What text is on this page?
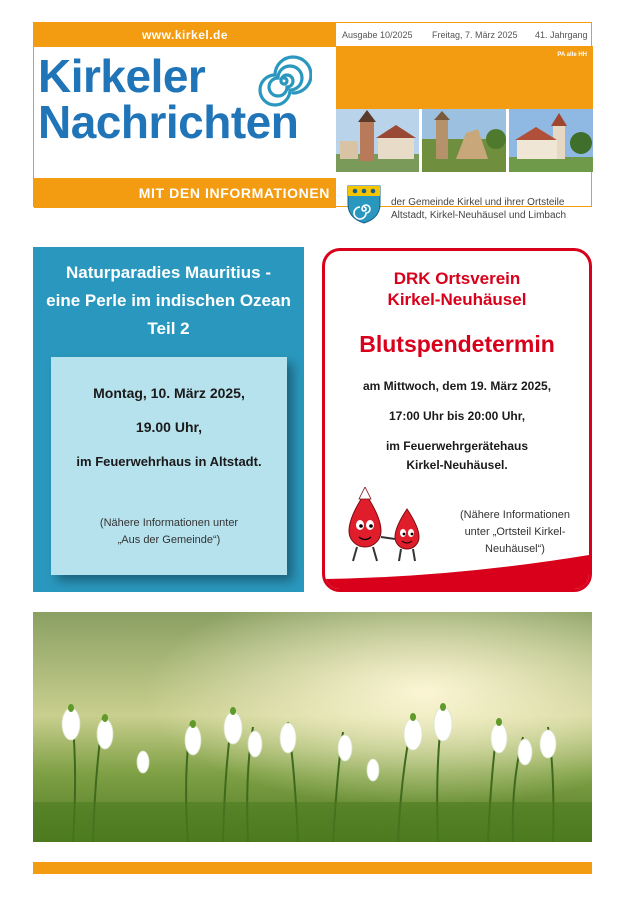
www.kirkel.de
Kirkeler
Nachrichten
MIT DEN INFORMATIONEN
Ausgabe 10/2025 Freitag, 7. März 2025 41. Jahrgang
PA alle HH
der Gemeinde Kirkel und ihrer Ortsteile
Altstadt, Kirkel-Neuhäusel und Limbach
Naturparadies Mauritius -
eine Perle im indischen Ozean
Teil 2
Montag, 10. März 2025,
19.00 Uhr,
im Feuerwehrhaus in Altstadt.
(Nähere Informationen unter
„Aus der Gemeinde“)
DRK Ortsverein
Kirkel-Neuhäusel
Blutspendetermin
am Mittwoch, dem 19. März 2025,
17:00 Uhr bis 20:00 Uhr,
im Feuerwehrgerätehaus
Kirkel-Neuhäusel.
(Nähere Informationen
unter „Ortsteil Kirkel-
Neuhäusel“)
